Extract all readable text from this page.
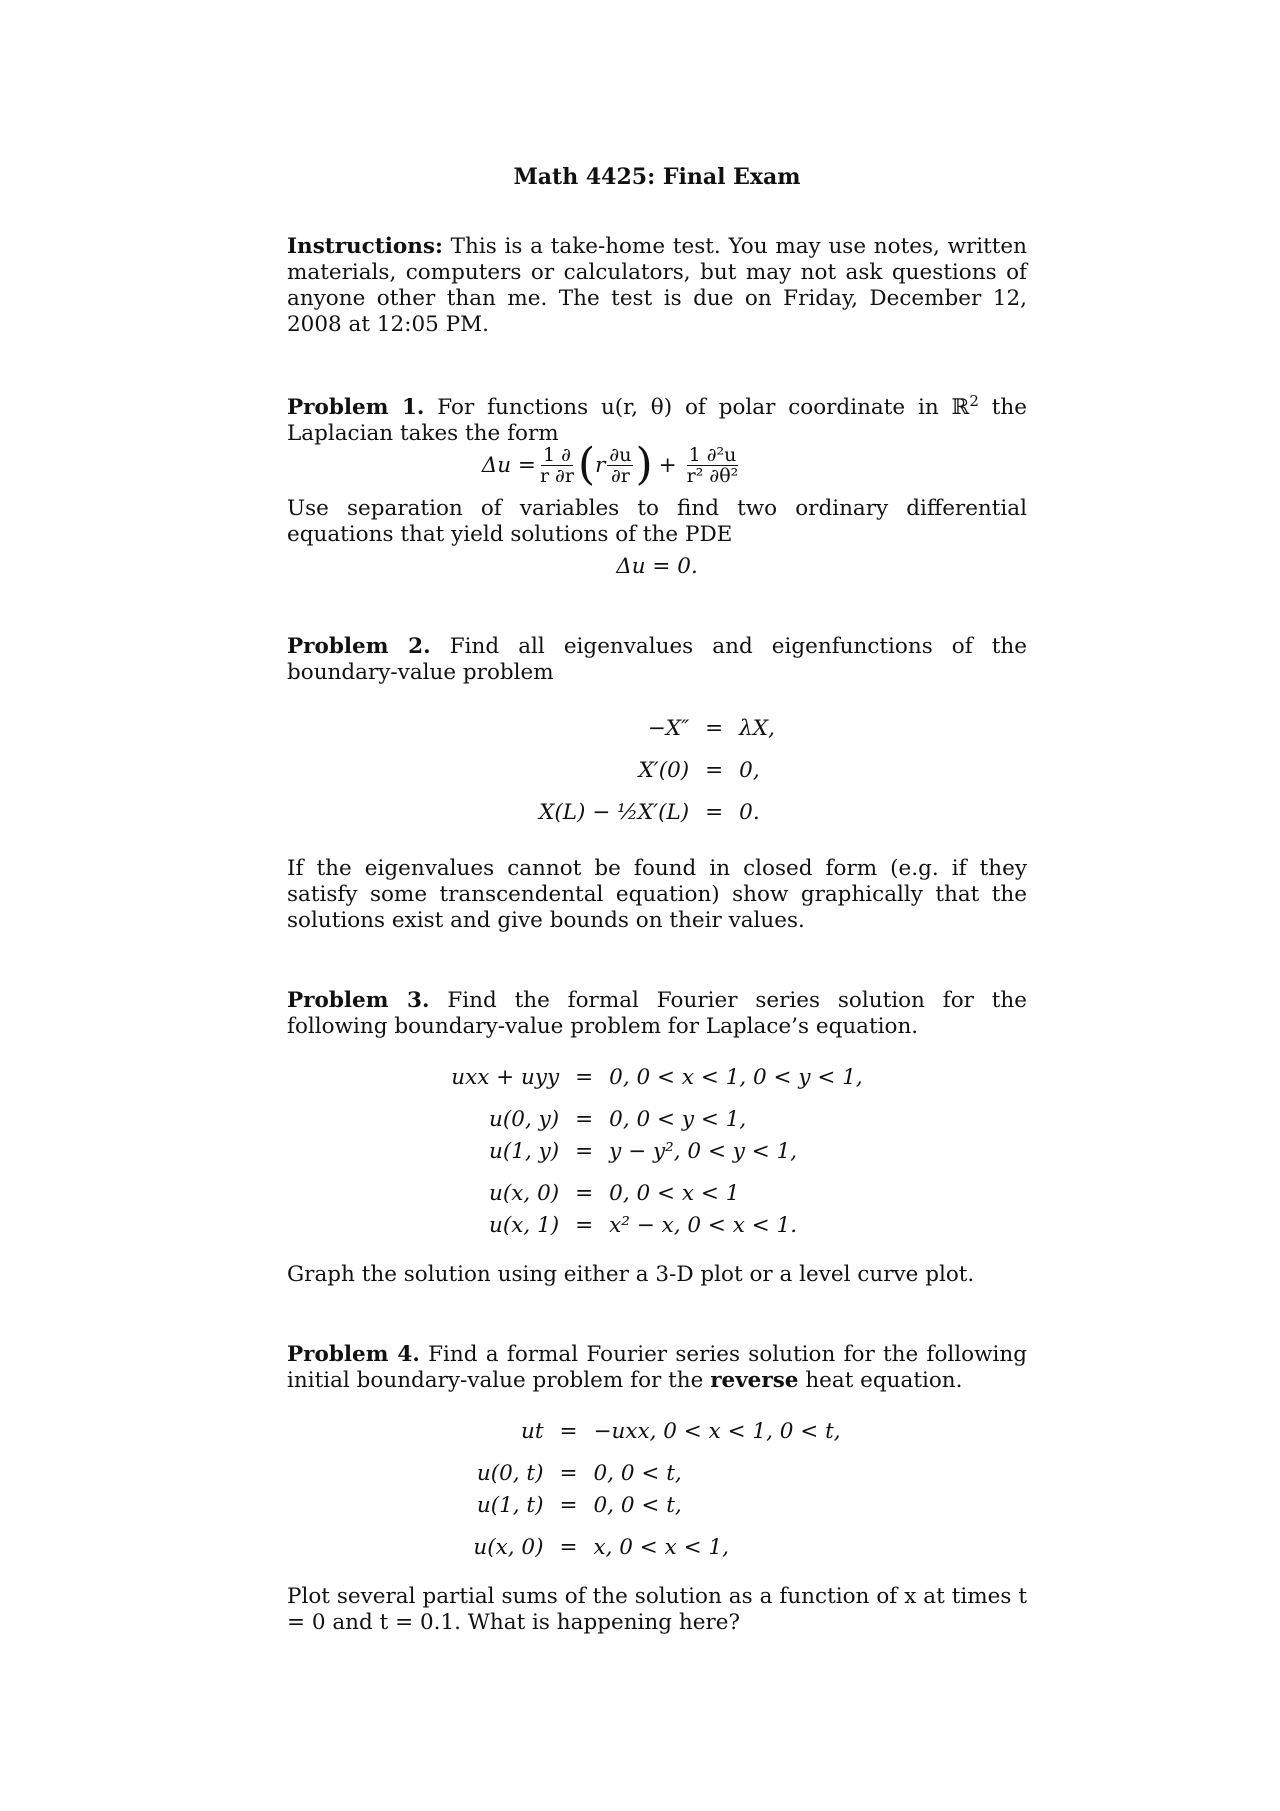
Math 4425: Final Exam

Instructions: This is a take-home test. You may use notes, written materials, computers or calculators, but may not ask questions of anyone other than me. The test is due on Friday, December 12, 2008 at 12:05 PM.

Problem 1. For functions u(r, θ) of polar coordinate in ℝ$^2$ the Laplacian takes the form

$\Delta u = \frac{1 \partial}{r \partial r}$ ( r $\frac{\partial u}{\partial r}$ ) + $\frac{\text{1 ∂²u}}{\text{r² ∂θ²}}$

Use separation of variables to find two ordinary differential equations that yield solutions of the PDE

Δu = 0.

Problem 2. Find all eigenvalues and eigenfunctions of the boundary-value problem

−X″	=	λX,
X′(0)	=	0,
X(L) − ½X′(L)	=	0.

If the eigenvalues cannot be found in closed form (e.g. if they satisfy some transcendental equation) show graphically that the solutions exist and give bounds on their values.

Problem 3. Find the formal Fourier series solution for the following boundary-value problem for Laplace’s equation.

uxx + uyy	=	0, 0 < x < 1, 0 < y < 1,

u(0, y)	=	0, 0 < y < 1,
u(1, y)	=	y − y², 0 < y < 1,

u(x, 0)	=	0, 0 < x < 1
u(x, 1)	=	x² − x, 0 < x < 1.

Graph the solution using either a 3-D plot or a level curve plot.

Problem 4. Find a formal Fourier series solution for the following initial boundary-value problem for the reverse heat equation.

ut	=	−uxx, 0 < x < 1, 0 < t,

u(0, t)	=	0, 0 < t,
u(1, t)	=	0, 0 < t,

u(x, 0)	=	x, 0 < x < 1,

Plot several partial sums of the solution as a function of x at times t = 0 and t = 0.1. What is happening here?
